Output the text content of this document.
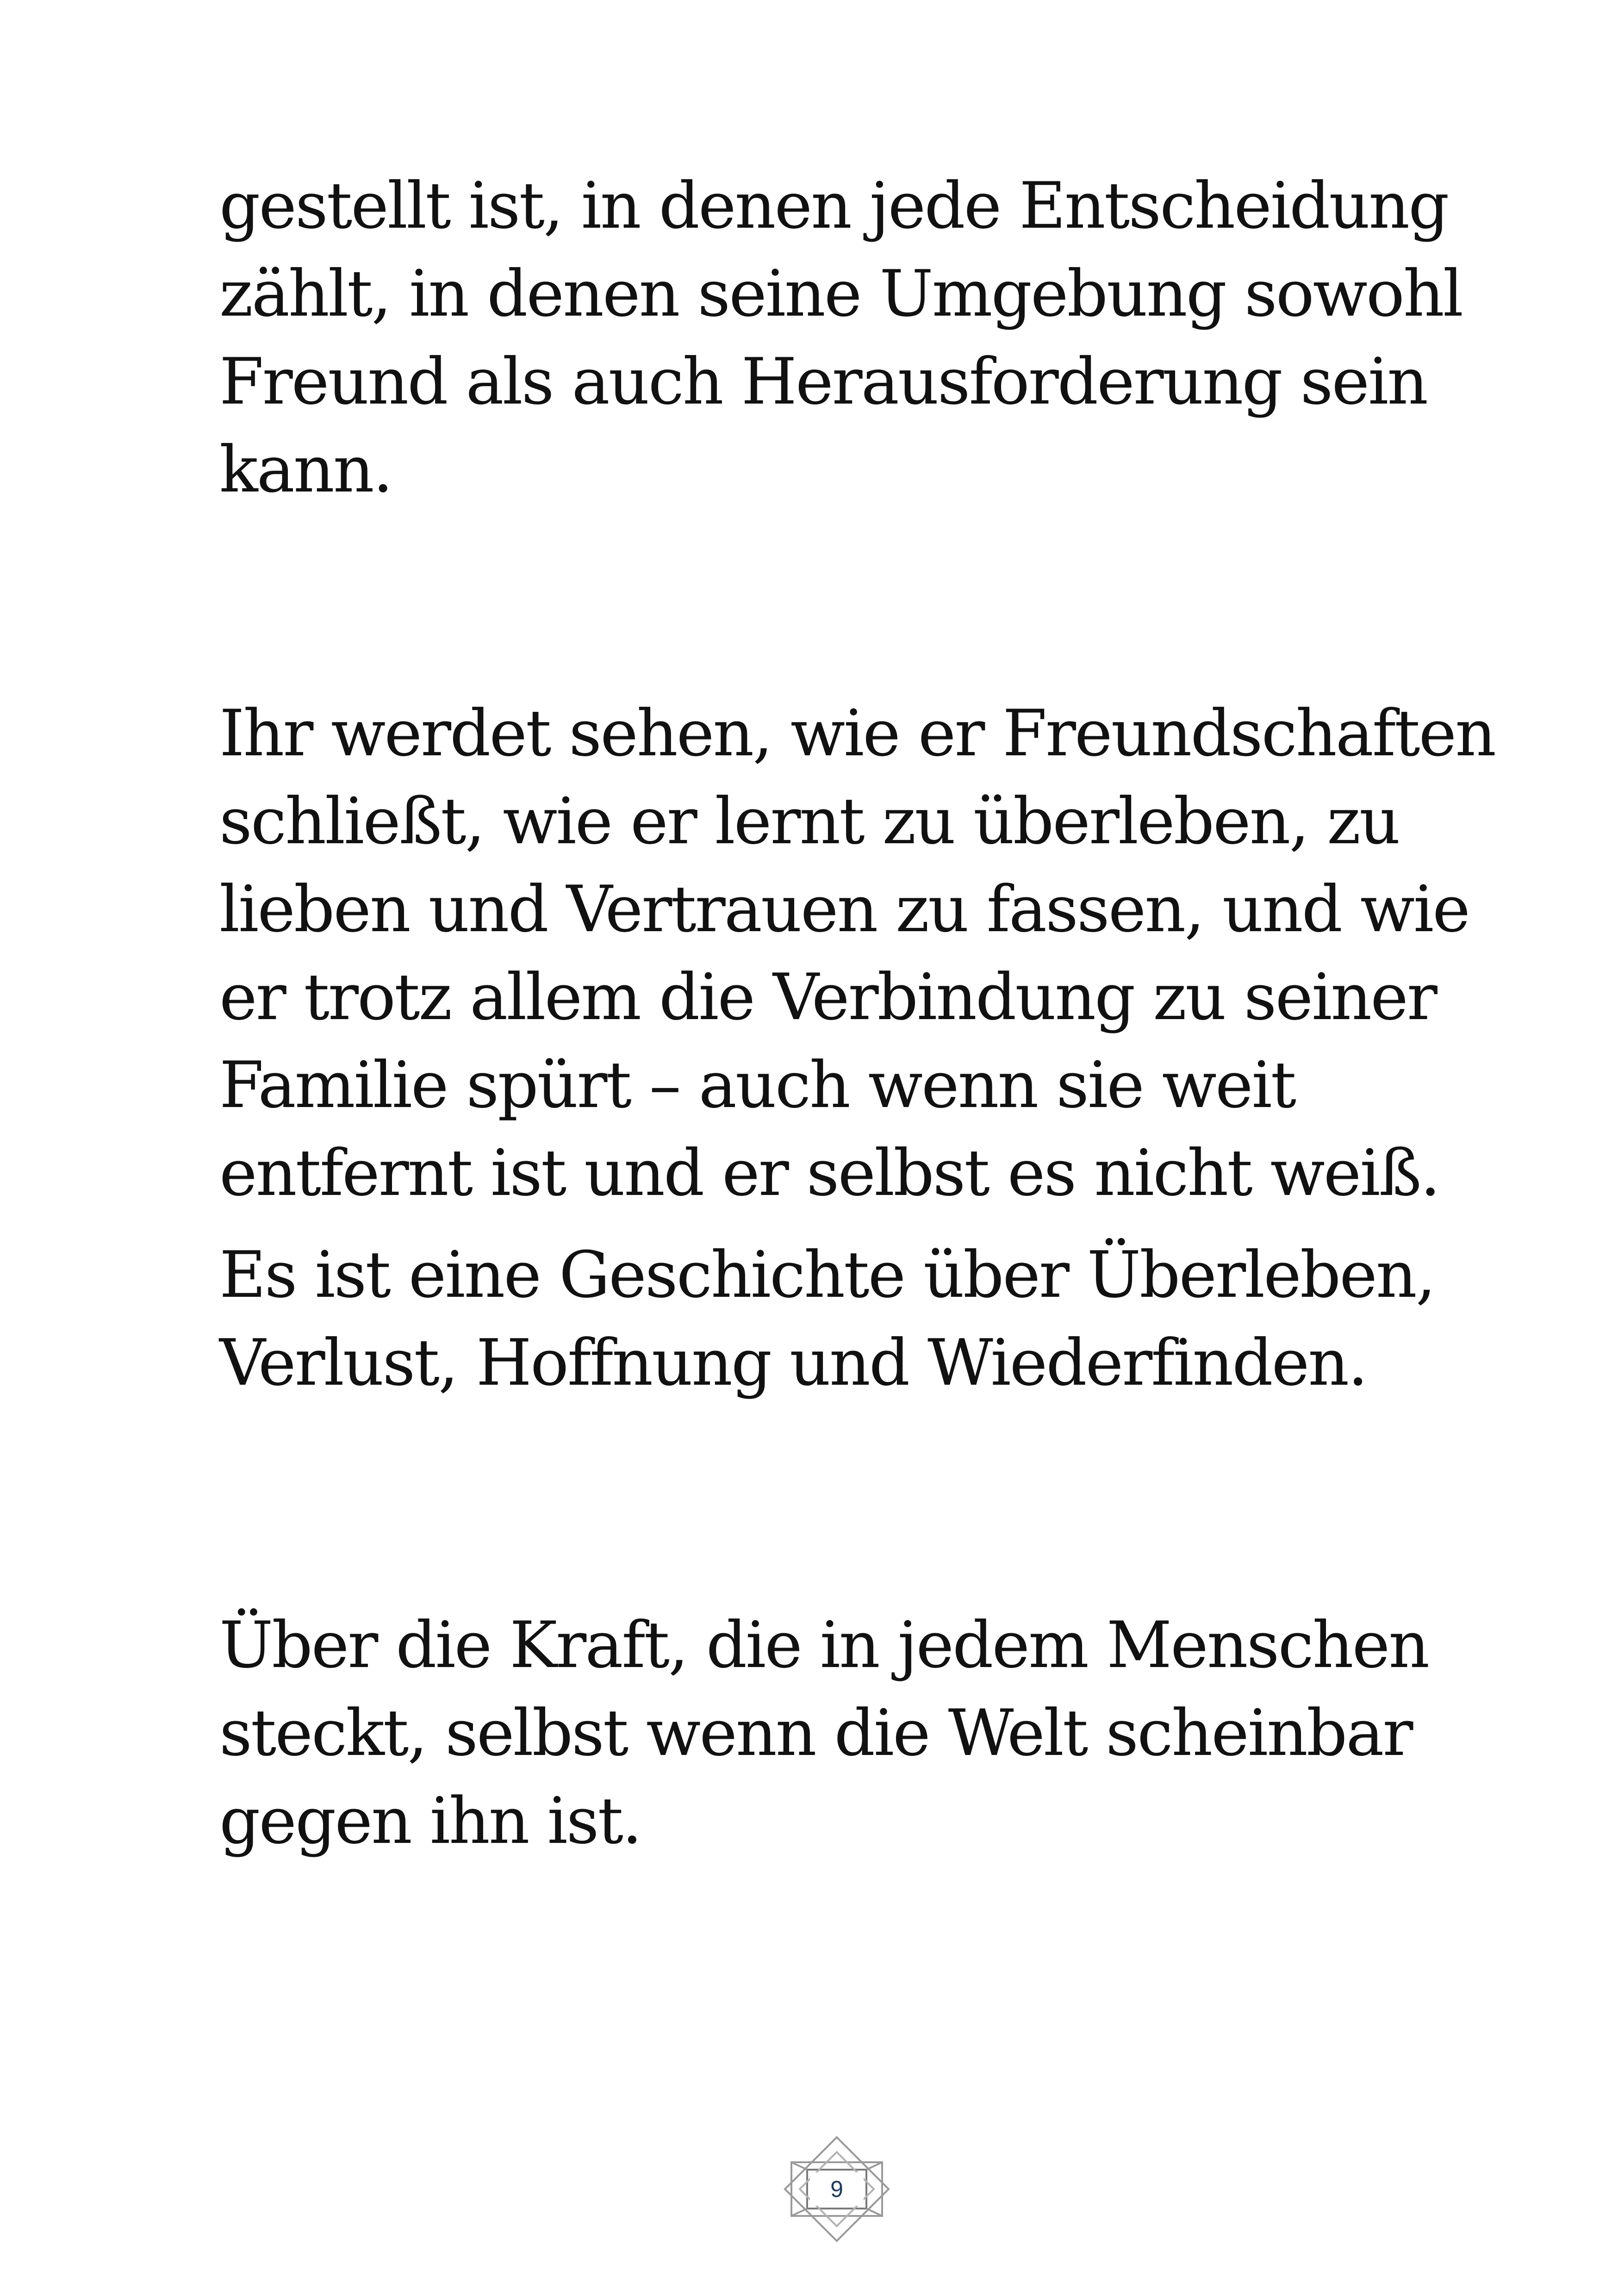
gestellt ist, in denen jede Entscheidung
zählt, in denen seine Umgebung sowohl
Freund als auch Herausforderung sein
kann.
Ihr werdet sehen, wie er Freundschaften
schließt, wie er lernt zu überleben, zu
lieben und Vertrauen zu fassen, und wie
er trotz allem die Verbindung zu seiner
Familie spürt – auch wenn sie weit
entfernt ist und er selbst es nicht weiß.
Es ist eine Geschichte über Überleben,
Verlust, Hoffnung und Wiederfinden.
Über die Kraft, die in jedem Menschen
steckt, selbst wenn die Welt scheinbar
gegen ihn ist.
9
